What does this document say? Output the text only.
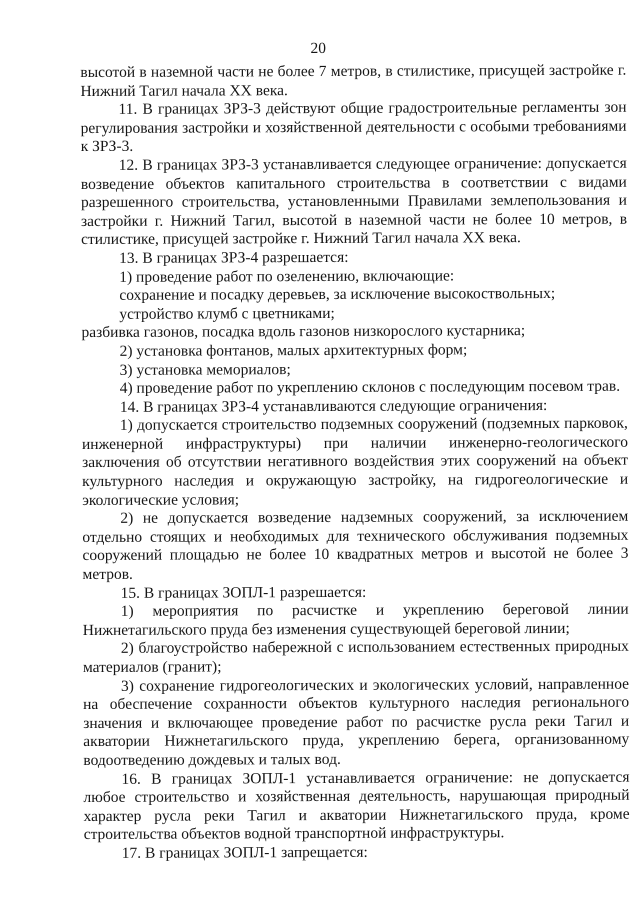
20

высотой в наземной части не более 7 метров, в стилистике, присущей застройке г. Нижний Тагил начала XX века.

11. В границах ЗРЗ-3 действуют общие градостроительные регламенты зон регулирования застройки и хозяйственной деятельности с особыми требованиями к ЗРЗ-3.

12. В границах ЗРЗ-3 устанавливается следующее ограничение: допускается возведение объектов капитального строительства в соответствии с видами разрешенного строительства, установленными Правилами землепользования и застройки г. Нижний Тагил, высотой в наземной части не более 10 метров, в стилистике, присущей застройке г. Нижний Тагил начала XX века.

13. В границах ЗРЗ-4 разрешается:

1) проведение работ по озеленению, включающие:

сохранение и посадку деревьев, за исключение высокоствольных;

устройство клумб с цветниками;

разбивка газонов, посадка вдоль газонов низкорослого кустарника;

2) установка фонтанов, малых архитектурных форм;

3) установка мемориалов;

4) проведение работ по укреплению склонов с последующим посевом трав.

14. В границах ЗРЗ-4 устанавливаются следующие ограничения:

1) допускается строительство подземных сооружений (подземных парковок, инженерной инфраструктуры) при наличии инженерно-геологического заключения об отсутствии негативного воздействия этих сооружений на объект культурного наследия и окружающую застройку, на гидрогеологические и экологические условия;

2) не допускается возведение надземных сооружений, за исключением отдельно стоящих и необходимых для технического обслуживания подземных сооружений площадью не более 10 квадратных метров и высотой не более 3 метров.

15. В границах ЗОПЛ-1 разрешается:

1) мероприятия по расчистке и укреплению береговой линии Нижнетагильского пруда без изменения существующей береговой линии;

2) благоустройство набережной с использованием естественных природных материалов (гранит);

3) сохранение гидрогеологических и экологических условий, направленное на обеспечение сохранности объектов культурного наследия регионального значения и включающее проведение работ по расчистке русла реки Тагил и акватории Нижнетагильского пруда, укреплению берега, организованному водоотведению дождевых и талых вод.

16. В границах ЗОПЛ-1 устанавливается ограничение: не допускается любое строительство и хозяйственная деятельность, нарушающая природный характер русла реки Тагил и акватории Нижнетагильского пруда, кроме строительства объектов водной транспортной инфраструктуры.

17. В границах ЗОПЛ-1 запрещается:
